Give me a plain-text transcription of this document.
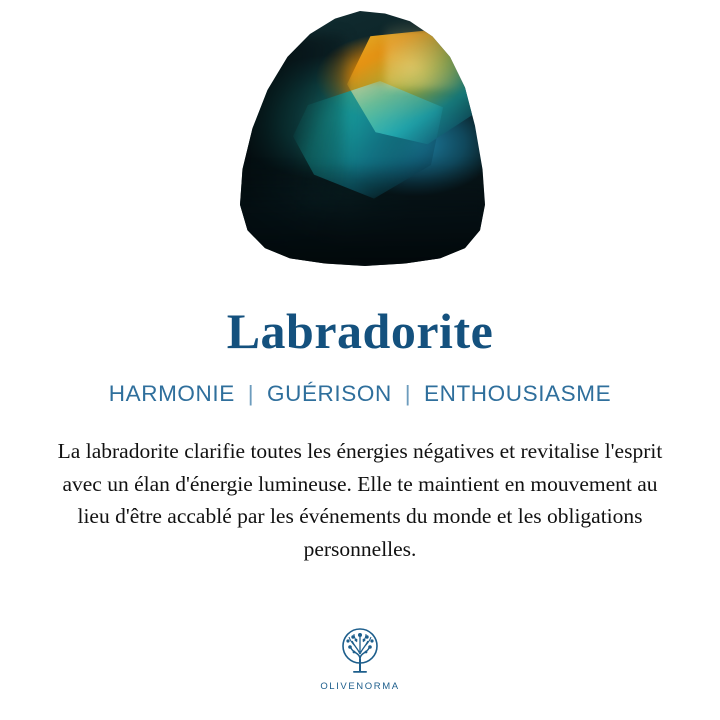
Labradorite
HARMONIE | GUÉRISON | ENTHOUSIASME

La labradorite clarifie toutes les énergies négatives et revitalise l'esprit avec un élan d'énergie lumineuse. Elle te maintient en mouvement au lieu d'être accablé par les événements du monde et les obligations personnelles.

OLIVENORMA
